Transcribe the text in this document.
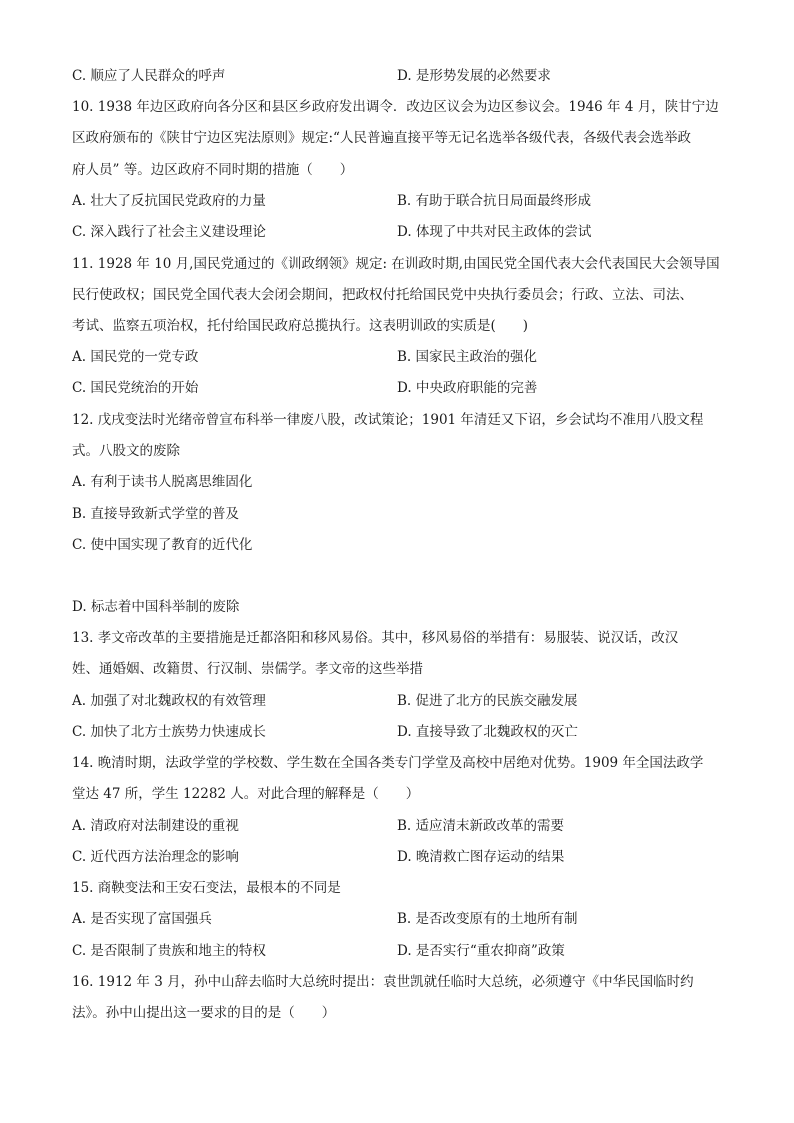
C. 顺应了人民群众的呼声	D. 是形势发展的必然要求
10. 1938 年边区政府向各分区和县区乡政府发出调令．改边区议会为边区参议会。1946 年 4 月，陕甘宁边
区政府颁布的《陕甘宁边区宪法原则》规定:“人民普遍直接平等无记名选举各级代表，各级代表会选举政
府人员” 等。边区政府不同时期的措施（　　）
A. 壮大了反抗国民党政府的力量	B. 有助于联合抗日局面最终形成
C. 深入践行了社会主义建设理论	D. 体现了中共对民主政体的尝试
11. 1928 年 10 月,国民党通过的《训政纲领》规定: 在训政时期,由国民党全国代表大会代表国民大会领导国
民行使政权；国民党全国代表大会闭会期间，把政权付托给国民党中央执行委员会；行政、立法、司法、
考试、监察五项治权，托付给国民政府总揽执行。这表明训政的实质是(　　)
A. 国民党的一党专政	B. 国家民主政治的强化
C. 国民党统治的开始	D. 中央政府职能的完善
12. 戊戌变法时光绪帝曾宣布科举一律废八股，改试策论；1901 年清廷又下诏，乡会试均不准用八股文程
式。八股文的废除
A. 有利于读书人脱离思维固化
B. 直接导致新式学堂的普及
C. 使中国实现了教育的近代化
D. 标志着中国科举制的废除
13. 孝文帝改革的主要措施是迁都洛阳和移风易俗。其中，移风易俗的举措有：易服装、说汉话，改汉
姓、通婚姻、改籍贯、行汉制、崇儒学。孝文帝的这些举措
A. 加强了对北魏政权的有效管理	B. 促进了北方的民族交融发展
C. 加快了北方士族势力快速成长	D. 直接导致了北魏政权的灭亡
14. 晚清时期，法政学堂的学校数、学生数在全国各类专门学堂及高校中居绝对优势。1909 年全国法政学
堂达 47 所，学生 12282 人。对此合理的解释是（　　）
A. 清政府对法制建设的重视	B. 适应清末新政改革的需要
C. 近代西方法治理念的影响	D. 晚清救亡图存运动的结果
15. 商鞅变法和王安石变法，最根本的不同是
A. 是否实现了富国强兵	B. 是否改变原有的土地所有制
C. 是否限制了贵族和地主的特权	D. 是否实行“重农抑商”政策
16. 1912 年 3 月，孙中山辞去临时大总统时提出：袁世凯就任临时大总统，必须遵守《中华民国临时约
法》。孙中山提出这一要求的目的是（　　）
